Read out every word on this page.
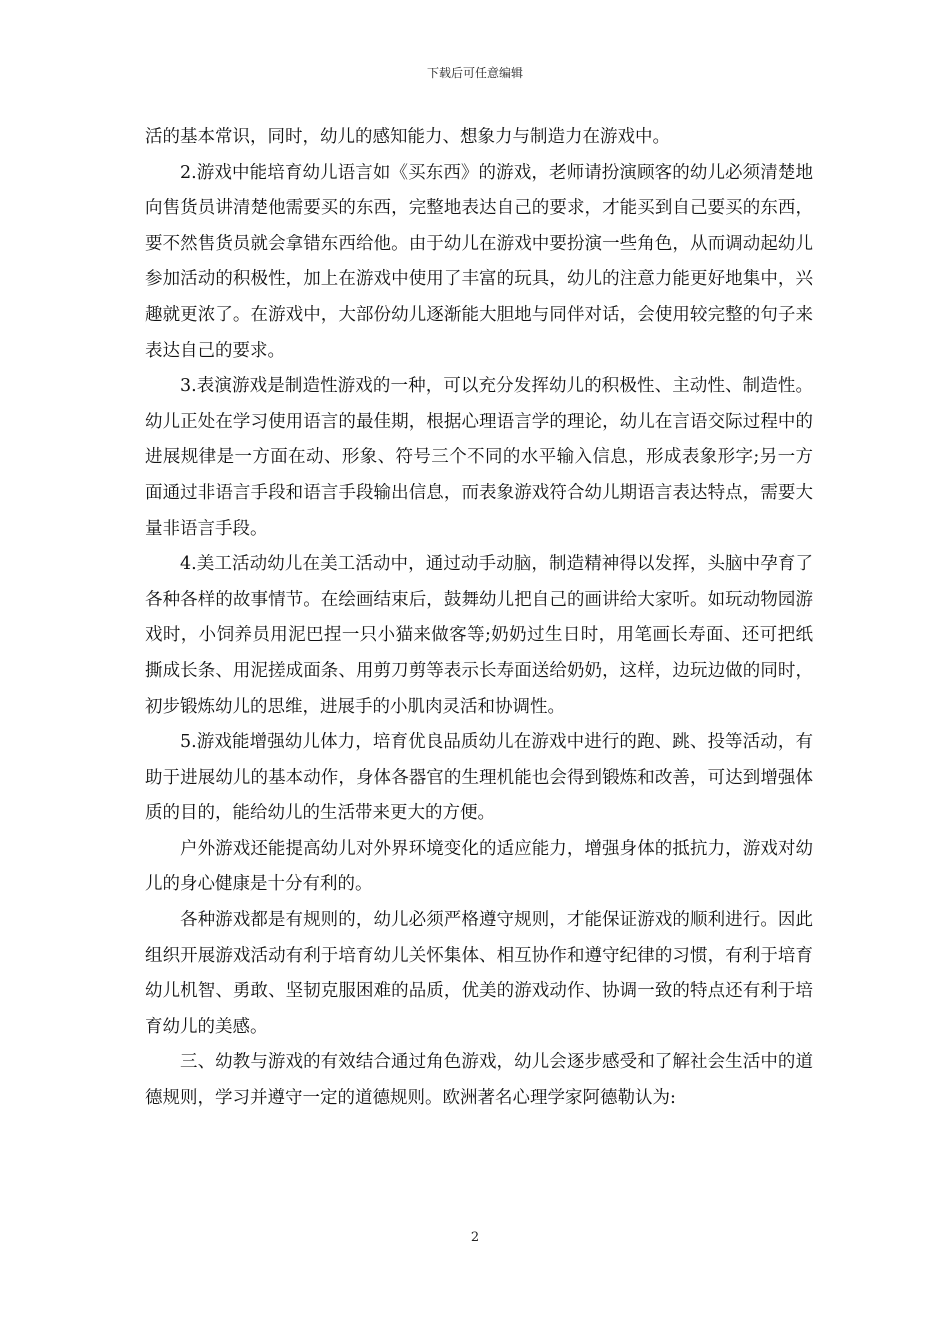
下载后可任意编辑

活的基本常识，同时，幼儿的感知能力、想象力与制造力在游戏中。

2.游戏中能培育幼儿语言如《买东西》的游戏，老师请扮演顾客的幼儿必须清楚地向售货员讲清楚他需要买的东西，完整地表达自己的要求，才能买到自己要买的东西，要不然售货员就会拿错东西给他。由于幼儿在游戏中要扮演一些角色，从而调动起幼儿参加活动的积极性，加上在游戏中使用了丰富的玩具，幼儿的注意力能更好地集中，兴趣就更浓了。在游戏中，大部份幼儿逐渐能大胆地与同伴对话，会使用较完整的句子来表达自己的要求。

3.表演游戏是制造性游戏的一种，可以充分发挥幼儿的积极性、主动性、制造性。幼儿正处在学习使用语言的最佳期，根据心理语言学的理论，幼儿在言语交际过程中的进展规律是一方面在动、形象、符号三个不同的水平输入信息，形成表象形字;另一方面通过非语言手段和语言手段输出信息，而表象游戏符合幼儿期语言表达特点，需要大量非语言手段。

4.美工活动幼儿在美工活动中，通过动手动脑，制造精神得以发挥，头脑中孕育了各种各样的故事情节。在绘画结束后，鼓舞幼儿把自己的画讲给大家听。如玩动物园游戏时，小饲养员用泥巴捏一只小猫来做客等;奶奶过生日时，用笔画长寿面、还可把纸撕成长条、用泥搓成面条、用剪刀剪等表示长寿面送给奶奶，这样，边玩边做的同时，初步锻炼幼儿的思维，进展手的小肌肉灵活和协调性。

5.游戏能增强幼儿体力，培育优良品质幼儿在游戏中进行的跑、跳、投等活动，有助于进展幼儿的基本动作，身体各器官的生理机能也会得到锻炼和改善，可达到增强体质的目的，能给幼儿的生活带来更大的方便。

户外游戏还能提高幼儿对外界环境变化的适应能力，增强身体的抵抗力，游戏对幼儿的身心健康是十分有利的。

各种游戏都是有规则的，幼儿必须严格遵守规则，才能保证游戏的顺利进行。因此组织开展游戏活动有利于培育幼儿关怀集体、相互协作和遵守纪律的习惯，有利于培育幼儿机智、勇敢、坚韧克服困难的品质，优美的游戏动作、协调一致的特点还有利于培育幼儿的美感。

三、幼教与游戏的有效结合通过角色游戏，幼儿会逐步感受和了解社会生活中的道德规则，学习并遵守一定的道德规则。欧洲著名心理学家阿德勒认为:

2
